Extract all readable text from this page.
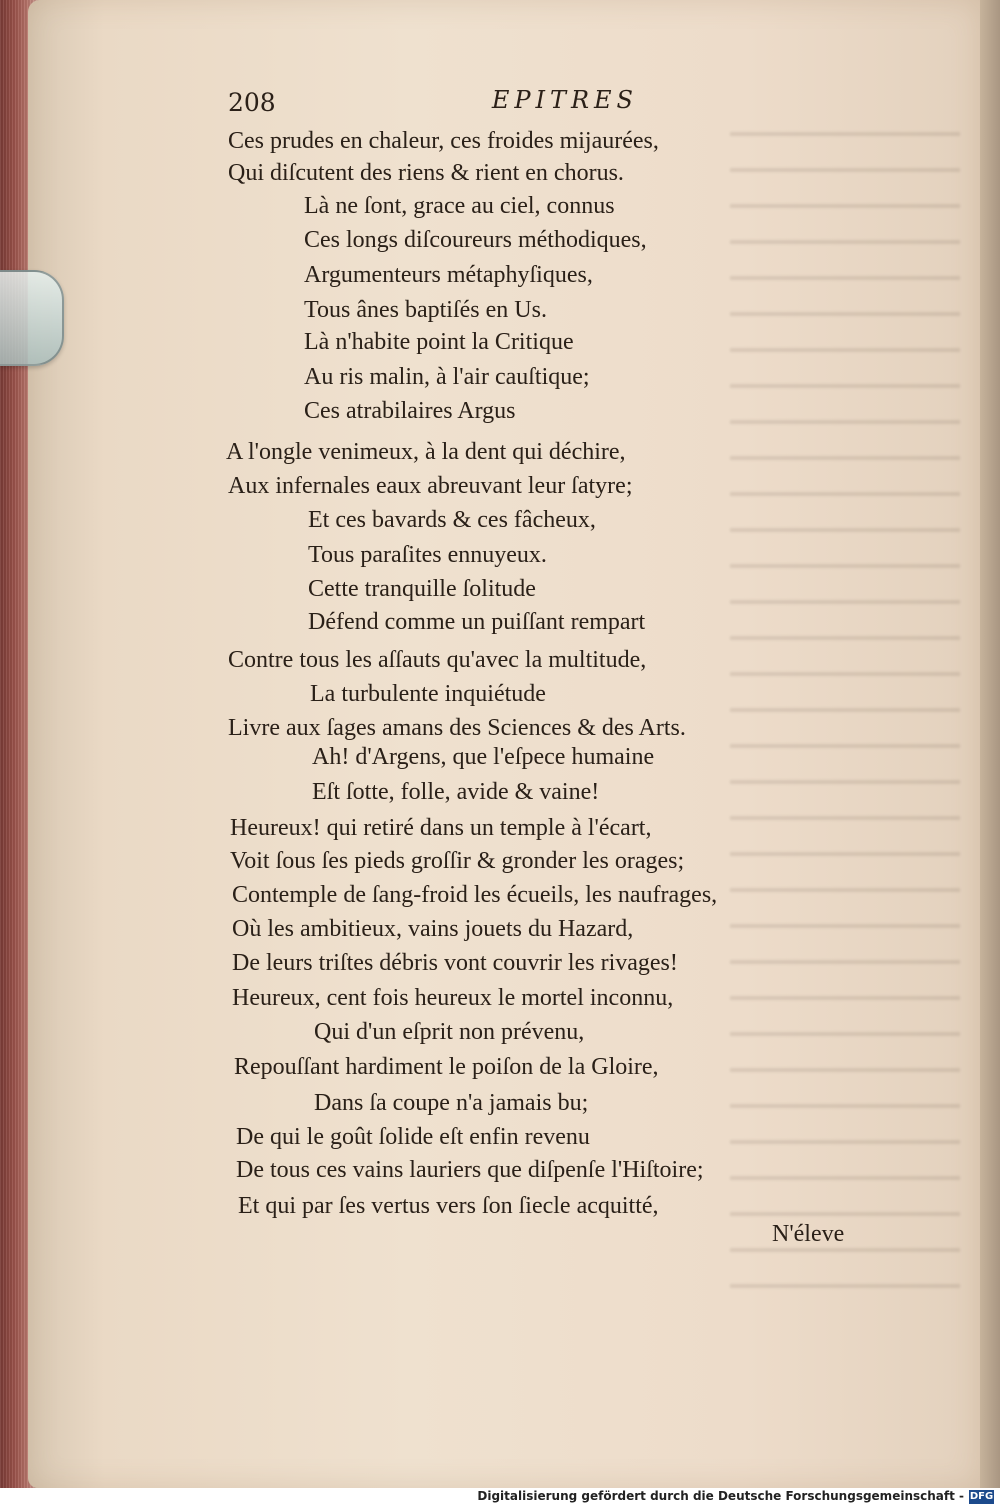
208	EPITRES
Ces prudes en chaleur, ces froides mijaurées,
Qui diſcutent des riens & rient en chorus.
Là ne ſont, grace au ciel, connus
Ces longs diſcoureurs méthodiques,
Argumenteurs métaphyſiques,
Tous ânes baptiſés en Us.
Là n'habite point la Critique
Au ris malin, à l'air cauſtique;
Ces atrabilaires Argus
A l'ongle venimeux, à la dent qui déchire,
Aux infernales eaux abreuvant leur ſatyre;
Et ces bavards & ces fâcheux,
Tous paraſites ennuyeux.
Cette tranquille ſolitude
Défend comme un puiſſant rempart
Contre tous les aſſauts qu'avec la multitude,
La turbulente inquiétude
Livre aux ſages amans des Sciences & des Arts.
Ah! d'Argens, que l'eſpece humaine
Eſt ſotte, folle, avide & vaine!
Heureux! qui retiré dans un temple à l'écart,
Voit ſous ſes pieds groſſir & gronder les orages;
Contemple de ſang-froid les écueils, les naufrages,
Où les ambitieux, vains jouets du Hazard,
De leurs triſtes débris vont couvrir les rivages!
Heureux, cent fois heureux le mortel inconnu,
Qui d'un eſprit non prévenu,
Repouſſant hardiment le poiſon de la Gloire,
Dans ſa coupe n'a jamais bu;
De qui le goût ſolide eſt enfin revenu
De tous ces vains lauriers que diſpenſe l'Hiſtoire;
Et qui par ſes vertus vers ſon ſiecle acquitté,
N'éleve
Digitalisierung gefördert durch die Deutsche Forschungsgemeinschaft - DFG
